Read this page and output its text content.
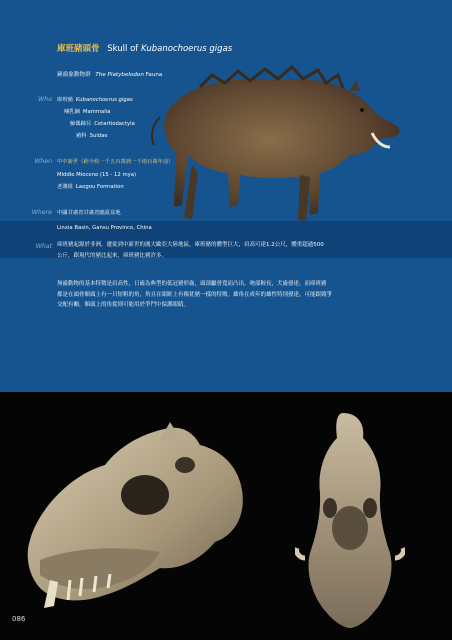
庫班豬頭骨 Skull of Kubanochoerus gigas
鏟齒象動物群 The Platybelodon Fauna
Who 庫班豬 Kubanochoerus gigas
哺乳綱 Mammalia
鯨偶蹄目 Cetartiodactyla
豬科 Suidae
When 中中新世（距今約一千五百萬到一千兩百萬年前）
Middle Miocene (15 - 12 mya)
老溝組 Laogou Formation
Where 中國甘肅省甘肅省臨夏盆地
Linxia Basin, Gansu Province, China
What 庫班豬起源於非洲，遷徙到中新世的廣大歐亞大陸地區，庫班豬的體型巨大，肩高可達1.2公尺，體重超過500
公斤，跟現代的豬比起來，庫班豬比豬許多。
無齒動物的基本特徵是肩高性，日齒為典型的低冠豬形齒，頭部顱骨寬而凸出，吻部較長，犬齒發達。而庫班豬
都是在頭骨額頭上有一只短粗的角，角且在眼眶上有像犹豬一樣的特徵。雄角在成年的雄性特別發達，可能跟競爭
交配有關，額頭上的角從則可能用於爭鬥中保護眼睛。
086
